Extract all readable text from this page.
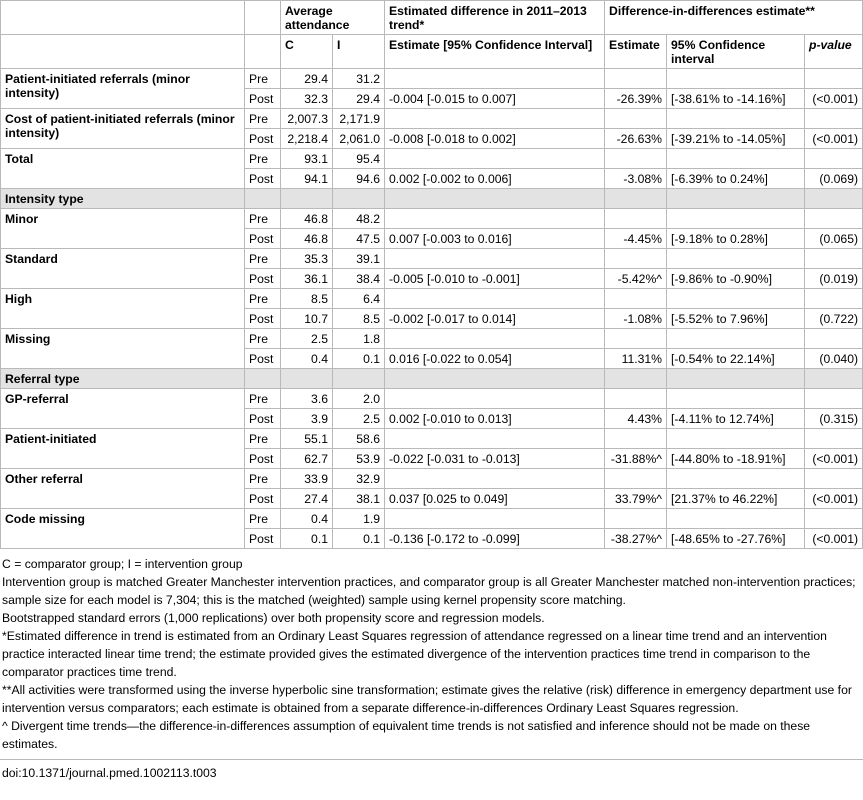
		Average attendance		Estimated difference in 2011–2013 trend*	Difference-in-differences estimate**		
		C	I	Estimate [95% Confidence Interval]	Estimate	95% Confidence interval	p-value
Patient-initiated referrals (minor intensity)	Pre	29.4	31.2				
	Post	32.3	29.4	-0.004 [-0.015 to 0.007]	-26.39%	[-38.61% to -14.16%]	(<0.001)
Cost of patient-initiated referrals (minor intensity)	Pre	2,007.3	2,171.9				
	Post	2,218.4	2,061.0	-0.008 [-0.018 to 0.002]	-26.63%	[-39.21% to -14.05%]	(<0.001)
Total	Pre	93.1	95.4				
	Post	94.1	94.6	0.002 [-0.002 to 0.006]	-3.08%	[-6.39% to 0.24%]	(0.069)
Intensity type							
Minor	Pre	46.8	48.2				
	Post	46.8	47.5	0.007 [-0.003 to 0.016]	-4.45%	[-9.18% to 0.28%]	(0.065)
Standard	Pre	35.3	39.1				
	Post	36.1	38.4	-0.005 [-0.010 to -0.001]	-5.42%^	[-9.86% to -0.90%]	(0.019)
High	Pre	8.5	6.4				
	Post	10.7	8.5	-0.002 [-0.017 to 0.014]	-1.08%	[-5.52% to 7.96%]	(0.722)
Missing	Pre	2.5	1.8				
	Post	0.4	0.1	0.016 [-0.022 to 0.054]	11.31%	[-0.54% to 22.14%]	(0.040)
Referral type							
GP-referral	Pre	3.6	2.0				
	Post	3.9	2.5	0.002 [-0.010 to 0.013]	4.43%	[-4.11% to 12.74%]	(0.315)
Patient-initiated	Pre	55.1	58.6				
	Post	62.7	53.9	-0.022 [-0.031 to -0.013]	-31.88%^	[-44.80% to -18.91%]	(<0.001)
Other referral	Pre	33.9	32.9				
	Post	27.4	38.1	0.037 [0.025 to 0.049]	33.79%^	[21.37% to 46.22%]	(<0.001)
Code missing	Pre	0.4	1.9				
	Post	0.1	0.1	-0.136 [-0.172 to -0.099]	-38.27%^	[-48.65% to -27.76%]	(<0.001)
C = comparator group; I = intervention group
Intervention group is matched Greater Manchester intervention practices, and comparator group is all Greater Manchester matched non-intervention practices; sample size for each model is 7,304; this is the matched (weighted) sample using kernel propensity score matching.
Bootstrapped standard errors (1,000 replications) over both propensity score and regression models.
*Estimated difference in trend is estimated from an Ordinary Least Squares regression of attendance regressed on a linear time trend and an intervention practice interacted linear time trend; the estimate provided gives the estimated divergence of the intervention practices time trend in comparison to the comparator practices time trend.
**All activities were transformed using the inverse hyperbolic sine transformation; estimate gives the relative (risk) difference in emergency department use for intervention versus comparators; each estimate is obtained from a separate difference-in-differences Ordinary Least Squares regression.
^ Divergent time trends—the difference-in-differences assumption of equivalent time trends is not satisfied and inference should not be made on these estimates.
doi:10.1371/journal.pmed.1002113.t003
